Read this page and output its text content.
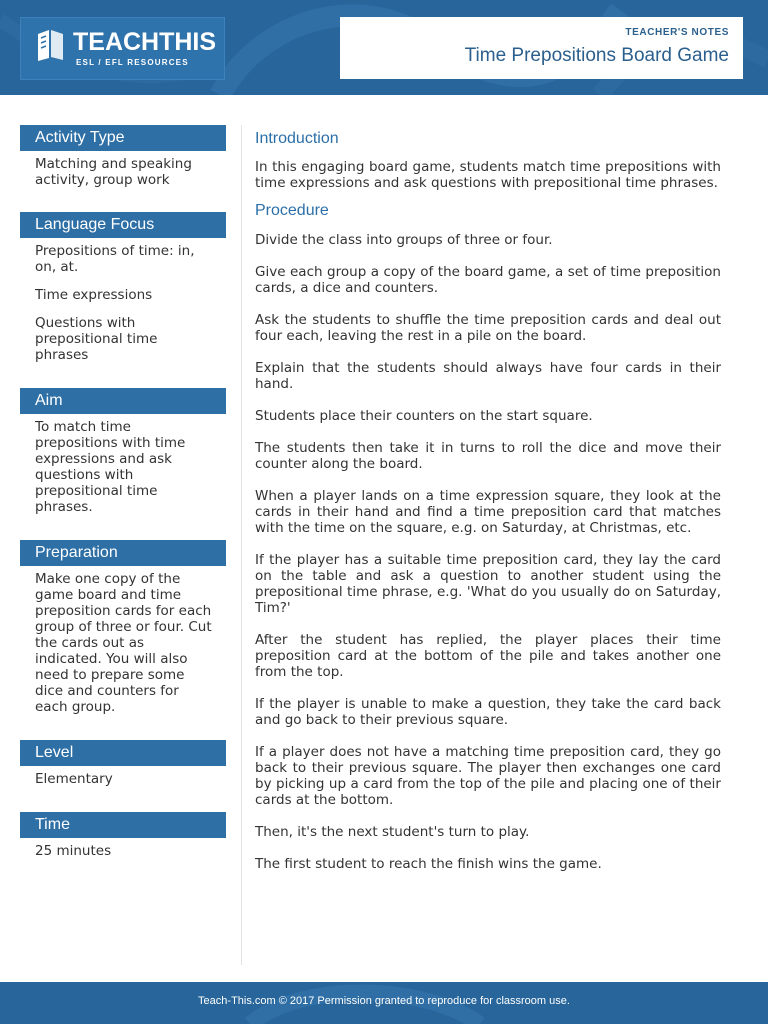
TEACHTHIS
ESL / EFL RESOURCES
TEACHER'S NOTES
Time Prepositions Board Game
Activity Type

Matching and speaking activity, group work

Language Focus

Prepositions of time: in, on, at.

Time expressions

Questions with prepositional time phrases

Aim

To match time prepositions with time expressions and ask questions with prepositional time phrases.

Preparation

Make one copy of the game board and time preposition cards for each group of three or four. Cut the cards out as indicated. You will also need to prepare some dice and counters for each group.

Level

Elementary

Time

25 minutes

Introduction

In this engaging board game, students match time prepositions with time expressions and ask questions with prepositional time phrases.

Procedure

Divide the class into groups of three or four.

Give each group a copy of the board game, a set of time preposition cards, a dice and counters.

Ask the students to shuffle the time preposition cards and deal out four each, leaving the rest in a pile on the board.

Explain that the students should always have four cards in their hand.

Students place their counters on the start square.

The students then take it in turns to roll the dice and move their counter along the board.

When a player lands on a time expression square, they look at the cards in their hand and find a time preposition card that matches with the time on the square, e.g. on Saturday, at Christmas, etc.

If the player has a suitable time preposition card, they lay the card on the table and ask a question to another student using the prepositional time phrase, e.g. 'What do you usually do on Saturday, Tim?'

After the student has replied, the player places their time preposition card at the bottom of the pile and takes another one from the top.

If the player is unable to make a question, they take the card back and go back to their previous square.

If a player does not have a matching time preposition card, they go back to their previous square. The player then exchanges one card by picking up a card from the top of the pile and placing one of their cards at the bottom.

Then, it's the next student's turn to play.

The first student to reach the finish wins the game.

Teach-This.com © 2017 Permission granted to reproduce for classroom use.
